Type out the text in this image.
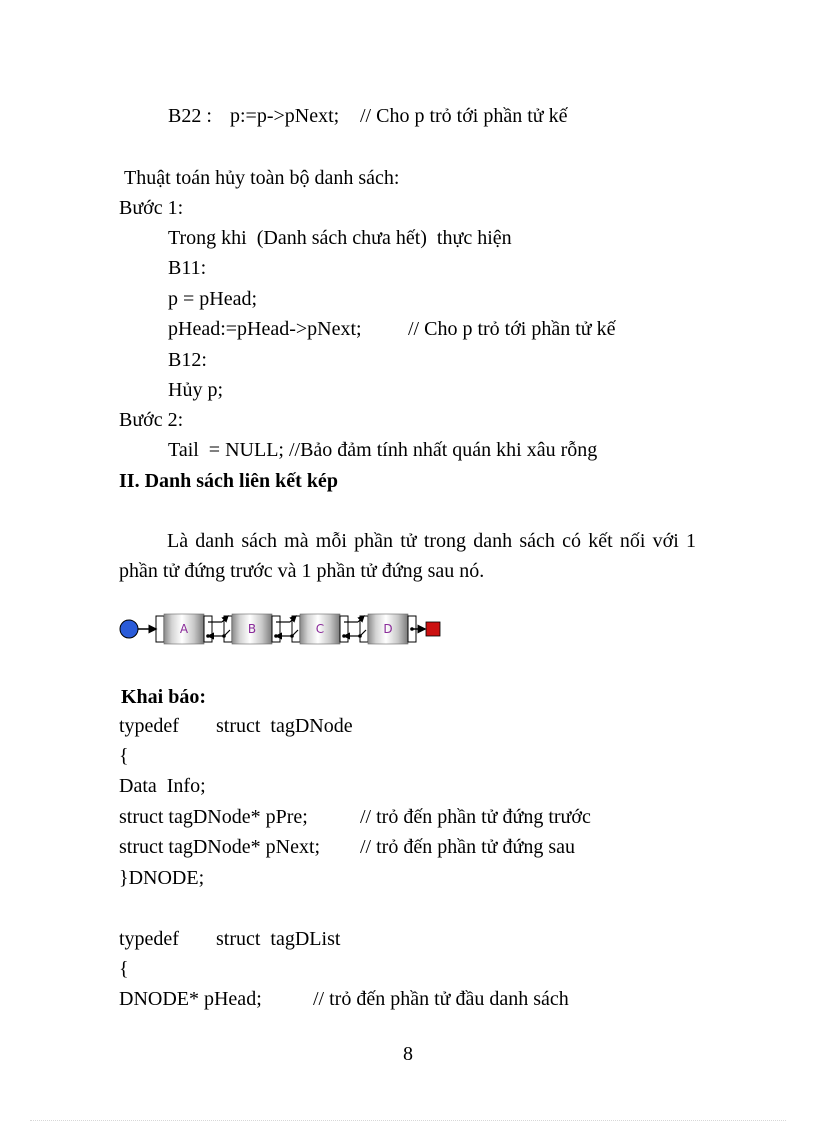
B22 : p:=p->pNext; // Cho p trỏ tới phần tử kế
Thuật toán hủy toàn bộ danh sách:
Bước 1:
Trong khi  (Danh sách chưa hết)  thực hiện
B11:
p = pHead;
pHead:=pHead->pNext; // Cho p trỏ tới phần tử kế
B12:
Hủy p;
Bước 2:
Tail  = NULL; //Bảo đảm tính nhất quán khi xâu rỗng
II. Danh sách liên kết kép
Là danh sách mà mỗi phần tử trong danh sách có kết nối với 1 phần tử đứng trước và 1 phần tử đứng sau nó.
A	B	C	D
Khai báo:
typedef struct  tagDNode
{
Data  Info;
struct tagDNode* pPre;	// trỏ đến phần tử đứng trước
struct tagDNode* pNext; // trỏ đến phần tử đứng sau
}DNODE;
typedef struct  tagDList
{
DNODE* pHead;	// trỏ đến phần tử đầu danh sách
8
